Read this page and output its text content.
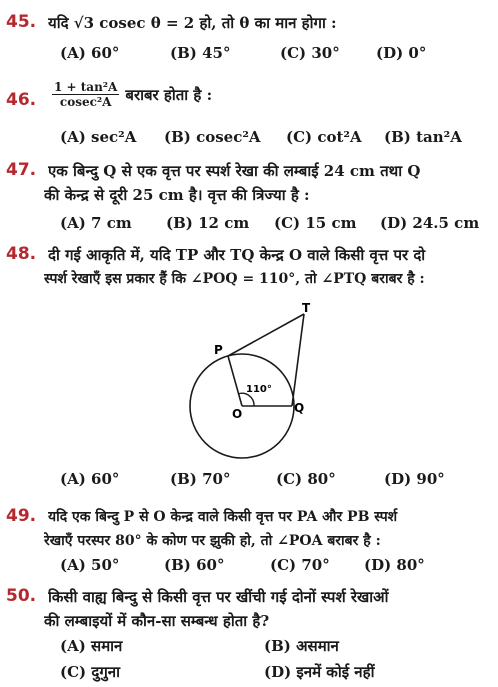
45. यदि √3 cosec θ = 2 हो, तो θ का मान होगा :
(A) 60°	(B) 45°	(C) 30° (D) 0°
46. $\frac{\text{1 + tan²A}}{\text{cosec²A}}$ बराबर होता है :
(A) sec²A (B) cosec²A (C) cot²A (B) tan²A
47. एक बिन्दु Q से एक वृत्त पर स्पर्श रेखा की लम्बाई 24 cm तथा Q
की केन्द्र से दूरी 25 cm है। वृत्त की त्रिज्या है :
(A) 7 cm (B) 12 cm (C) 15 cm (D) 24.5 cm
48. दी गई आकृति में, यदि TP और TQ केन्द्र O वाले किसी वृत्त पर दो
स्पर्श रेखाएँ इस प्रकार हैं कि ∠POQ = 110°, तो ∠PTQ बराबर है :
T
P
O	Q
110°
(A) 60°	(B) 70°	(C) 80°	(D) 90°
49. यदि एक बिन्दु P से O केन्द्र वाले किसी वृत्त पर PA और PB स्पर्श
रेखाएँ परस्पर 80° के कोण पर झुकी हो, तो ∠POA बराबर है :
(A) 50°	(B) 60°	(C) 70° (D) 80°
50. किसी वाह्य बिन्दु से किसी वृत्त पर खींची गई दोनों स्पर्श रेखाओं
की लम्बाइयों में कौन-सा सम्बन्ध होता है?
(A) समान	(B) असमान
(C) दुगुना	(D) इनमें कोई नहीं
